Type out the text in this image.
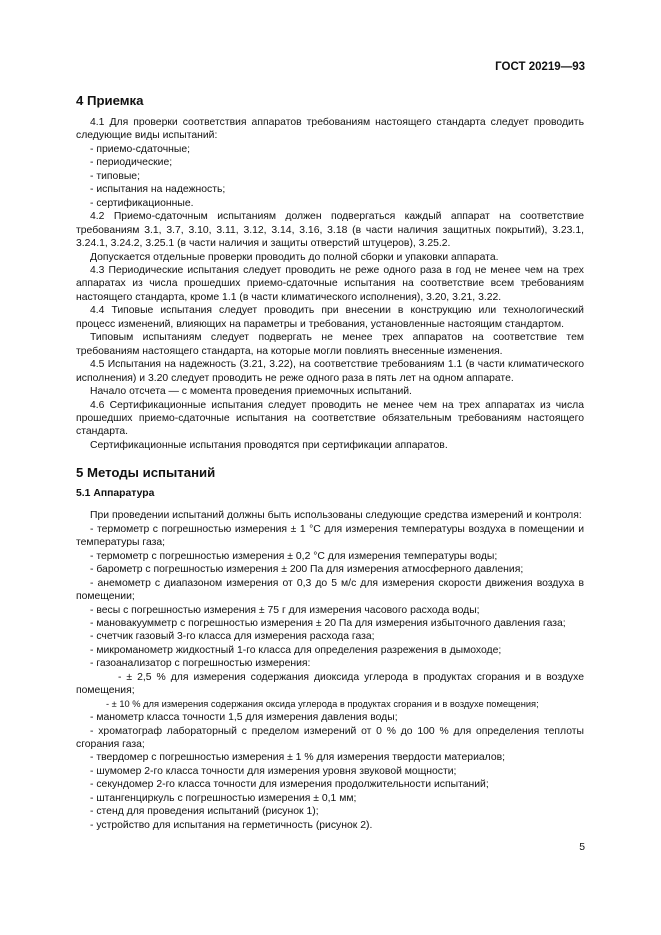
ГОСТ 20219—93
4 Приемка

4.1 Для проверки соответствия аппаратов требованиям настоящего стандарта следует проводить следующие виды испытаний:

- приемо-сдаточные;

- периодические;

- типовые;

- испытания на надежность;

- сертификационные.

4.2 Приемо-сдаточным испытаниям должен подвергаться каждый аппарат на соответствие требованиям 3.1, 3.7, 3.10, 3.11, 3.12, 3.14, 3.16, 3.18 (в части наличия защитных покрытий), 3.23.1, 3.24.1, 3.24.2, 3.25.1 (в части наличия и защиты отверстий штуцеров), 3.25.2.

Допускается отдельные проверки проводить до полной сборки и упаковки аппарата.

4.3 Периодические испытания следует проводить не реже одного раза в год не менее чем на трех аппаратах из числа прошедших приемо-сдаточные испытания на соответствие всем требованиям настоящего стандарта, кроме 1.1 (в части климатического исполнения), 3.20, 3.21, 3.22.

4.4 Типовые испытания следует проводить при внесении в конструкцию или технологический процесс изменений, влияющих на параметры и требования, установленные настоящим стандартом.

Типовым испытаниям следует подвергать не менее трех аппаратов на соответствие тем требованиям настоящего стандарта, на которые могли повлиять внесенные изменения.

4.5 Испытания на надежность (3.21, 3.22), на соответствие требованиям 1.1 (в части климатического исполнения) и 3.20 следует проводить не реже одного раза в пять лет на одном аппарате.

Начало отсчета — с момента проведения приемочных испытаний.

4.6 Сертификационные испытания следует проводить не менее чем на трех аппаратах из числа прошедших приемо-сдаточные испытания на соответствие обязательным требованиям настоящего стандарта.

Сертификационные испытания проводятся при сертификации аппаратов.

5 Методы испытаний
5.1 Аппаратура

При проведении испытаний должны быть использованы следующие средства измерений и контроля:

- термометр с погрешностью измерения ± 1 °С для измерения температуры воздуха в помещении и температуры газа;

- термометр с погрешностью измерения ± 0,2 °С для измерения температуры воды;

- барометр с погрешностью измерения ± 200 Па для измерения атмосферного давления;

- анемометр с диапазоном измерения от 0,3 до 5 м/с для измерения скорости движения воздуха в помещении;

- весы с погрешностью измерения ± 75 г для измерения часового расхода воды;

- мановакуумметр с погрешностью измерения ± 20 Па для измерения избыточного давления газа;

- счетчик газовый 3-го класса для измерения расхода газа;

- микроманометр жидкостный 1-го класса для определения разрежения в дымоходе;

- газоанализатор с погрешностью измерения:

- ± 2,5 % для измерения содержания диоксида углерода в продуктах сгорания и в воздухе помещения;

- ± 10 % для измерения содержания оксида углерода в продуктах сгорания и в воздухе помещения;

- манометр класса точности 1,5 для измерения давления воды;

- хроматограф лабораторный с пределом измерений от 0 % до 100 % для определения теплоты сгорания газа;

- твердомер с погрешностью измерения ± 1 % для измерения твердости материалов;

- шумомер 2-го класса точности для измерения уровня звуковой мощности;

- секундомер 2-го класса точности для измерения продолжительности испытаний;

- штангенциркуль с погрешностью измерения ± 0,1 мм;

- стенд для проведения испытаний (рисунок 1);

- устройство для испытания на герметичность (рисунок 2).

5
